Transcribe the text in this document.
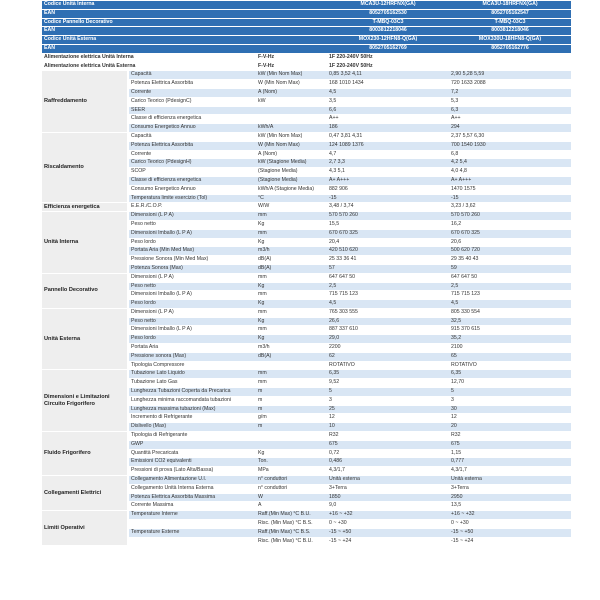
Codice Unità Interna			MCA3U-12HRFNX(GA)	MCA3U-18HRFNX(GA)
EAN			8052705162530	8052705162547
Codice Pannello Decorativo			T-MBQ-03C3	T-MBQ-03C3
EAN			8003812218046	8003812218046
Codice Unità Esterna			MOX230-12HFN8-Q(GA)	MOX330U-18HFN8-Q(GA)
EAN			8052705162769	8052705162776
Alimentazione elettrica Unità Interna		F-V-Hz	1F 220-240V 50Hz	
Alimentazione elettrica Unità Esterna		F-V-Hz	1F 220-240V 50Hz	
Raffreddamento	Capacità	kW (Min Nom Max)	0,85 3,52 4,11	2,90 5,28 5,59
	Potenza Elettrica Assorbita	W (Min Nom Max)	168 1010 1434	720 1633 2088
	Corrente	A (Nom)	4,5	7,2
	Carico Teorico (PdesignC)	kW	3,5	5,3
	SEER		6,6	6,3
	Classe di efficienza energetica		A++	A++
	Consumo Energetico Annuo	kWh/A	186	294
Riscaldamento	Capacità	kW (Min Nom Max)	0,47 3,81 4,31	2,37 5,57 6,30
	Potenza Elettrica Assorbita	W (Min Nom Max)	124 1089 1376	700 1540 1930
	Corrente	A (Nom)	4,7	6,8
	Carico Teorico (PdesignH)	kW (Stagione Media)	2,7 3,3	4,2 5,4
	SCOP	(Stagione Media)	4,3 5,1	4,0 4,8
	Classe di efficienza energetica	(Stagione Media)	A+ A+++	A+ A+++
	Consumo Energetico Annuo	kWh/A (Stagione Media)	882 906	1470 1575
	Temperatura limite esercizio (Tol)	°C	-15	-15
Efficienza energetica	E.E.R./C.O.P.	W/W	3,48 / 3,74	3,23 / 3,62
Unità Interna	Dimensioni (L P A)	mm	570 570 260	570 570 260
	Peso netto	Kg	15,5	16,2
	Dimensioni Imballo (L P A)	mm	670 670 325	670 670 325
	Peso lordo	Kg	20,4	20,6
	Portata Aria (Min Med Max)	m3/h	420 510 620	500 620 720
	Pressione Sonora (Min Med Max)	dB(A)	25 33 36 41	29 35 40 43
	Potenza Sonora (Max)	dB(A)	57	59
Pannello Decorativo	Dimensioni (L P A)	mm	647 647 50	647 647 50
	Peso netto	Kg	2,5	2,5
	Dimensioni Imballo (L P A)	mm	715 715 123	715 715 123
	Peso lordo	Kg	4,5	4,5
Unità Esterna	Dimensioni (L P A)	mm	765 303 555	805 330 554
	Peso netto	Kg	26,6	32,5
	Dimensioni Imballo (L P A)	mm	887 337 610	915 370 615
	Peso lordo	Kg	29,0	35,2
	Portata Aria	m3/h	2200	2100
	Pressione sonora (Max)	dB(A)	62	65
	Tipologia Compressore		ROTATIVO	ROTATIVO
Dimensioni e Limitazioni Circuito Frigorifero	Tubazione Lato Liquido	mm	6,35	6,35
	Tubazione Lato Gas	mm	9,52	12,70
	Lunghezza Tubazioni Coperta da Precarica	m	5	5
	Lunghezza minima raccomandata tubazioni	m	3	3
	Lunghezza massima tubazioni (Max)	m	25	30
	Incremento di Refrigerante	g/m	12	12
	Dislivello (Max)	m	10	20
Fluido Frigorifero	Tipologia di Refrigerante		R32	R32
	GWP		675	675
	Quantità Precaricata	Kg	0,72	1,15
	Emissioni CO2 equivalenti	Ton.	0,486	0,777
	Pressioni di prova (Lato Alta/Bassa)	MPa	4,3/1,7	4,3/1,7
Collegamenti Elettrici	Collegamento Alimentazione U.I.	n° conduttori	Unità esterna	Unità esterna
	Collegamento Unità Interna Esterna	n° conduttori	3+Terra	3+Terra
	Potenza Elettrica Assorbita Massima	W	1850	2950
	Corrente Massima	A	9,0	13,5
Limiti Operativi	Temperature Interne	Raff.(Min Max) °C B.U.	+16 ~ +32	+16 ~ +32
		Risc. (Min Max) °C B.S.	0 ~ +30	0 ~ +30
	Temperature Esterne	Raff.(Min Max) °C B.S.	-15 ~ +50	-15 ~ +50
		Risc. (Min Max) °C B.U.	-15 ~ +24	-15 ~ +24
